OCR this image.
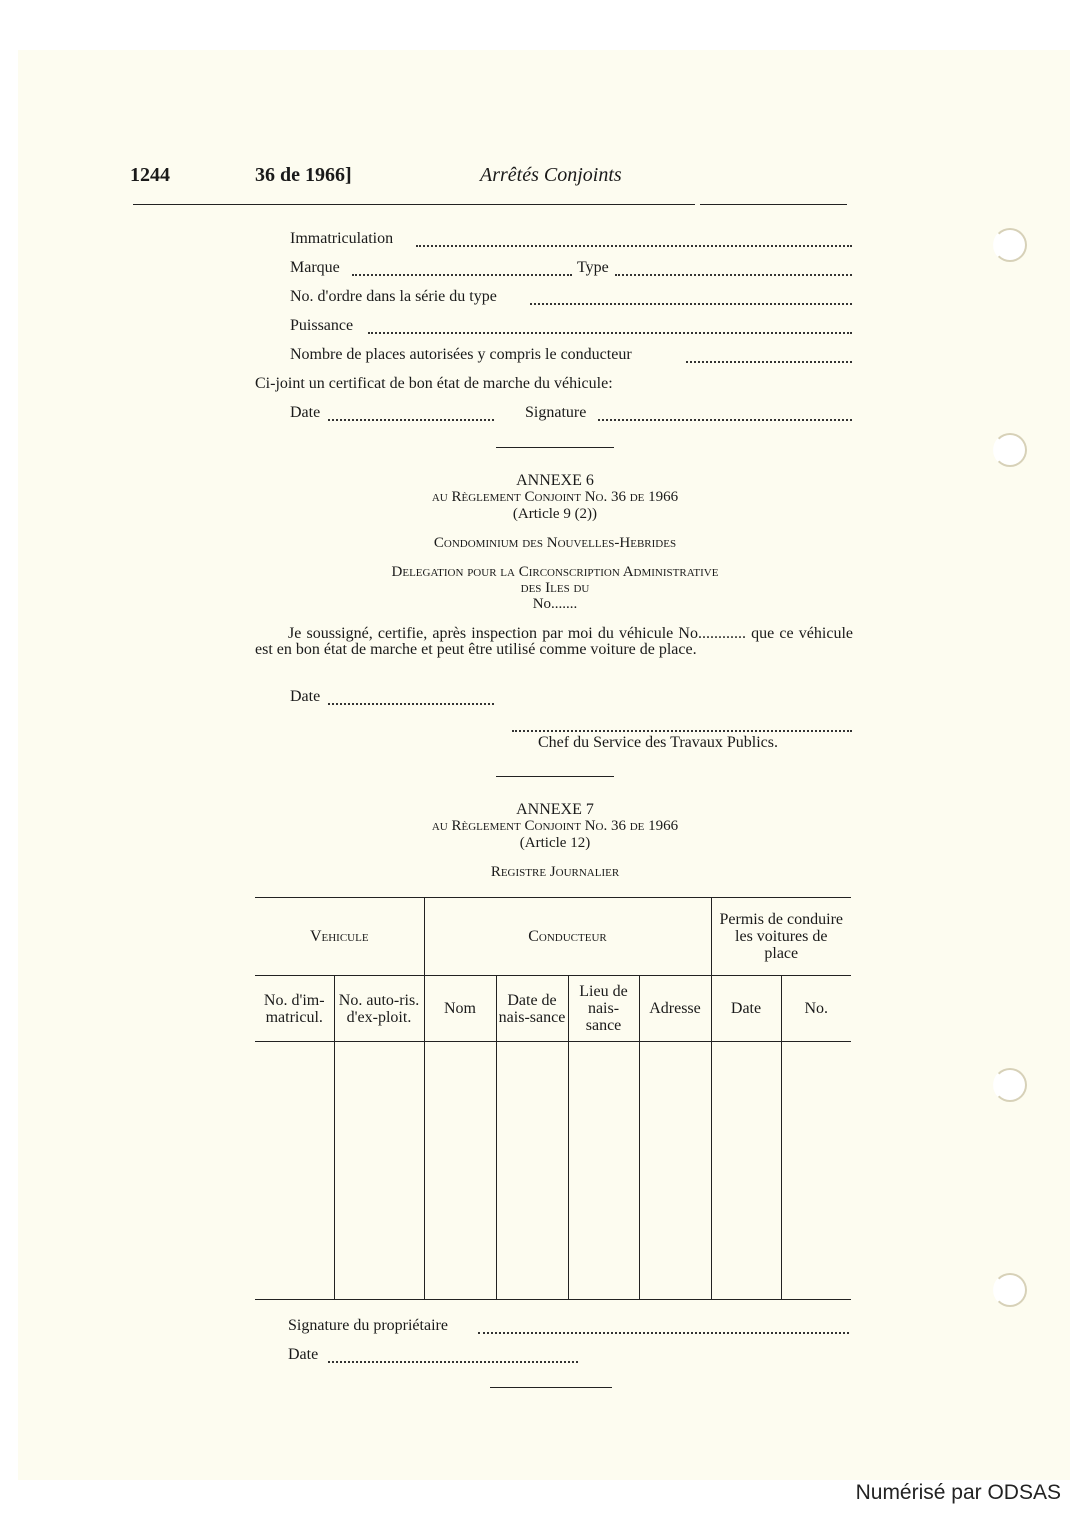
1244	36 de 1966]	Arrêtés Conjoints
Immatriculation
Marque	Type
No. d'ordre dans la série du type
Puissance
Nombre de places autorisées y compris le conducteur
Ci-joint un certificat de bon état de marche du véhicule:
Date	Signature
ANNEXE 6
au Règlement Conjoint No. 36 de 1966
(Article 9 (2))
Condominium des Nouvelles-Hebrides
Delegation pour la Circonscription Administrative
des Iles du
No.......
Je soussigné, certifie, après inspection par moi du véhicule No............ que ce véhicule est en bon état de marche et peut être utilisé comme voiture de place.
Date
Chef du Service des Travaux Publics.
ANNEXE 7
au Règlement Conjoint No. 36 de 1966
(Article 12)
Registre Journalier
Vehicule		Conducteur				Permis de conduire les voitures de place	
No. d'im-matricul.	No. auto-ris. d'ex-ploit.	Nom	Date de nais-sance	Lieu de nais-sance	Adresse	Date	No.

Signature du propriétaire
Date
Numérisé par ODSAS
